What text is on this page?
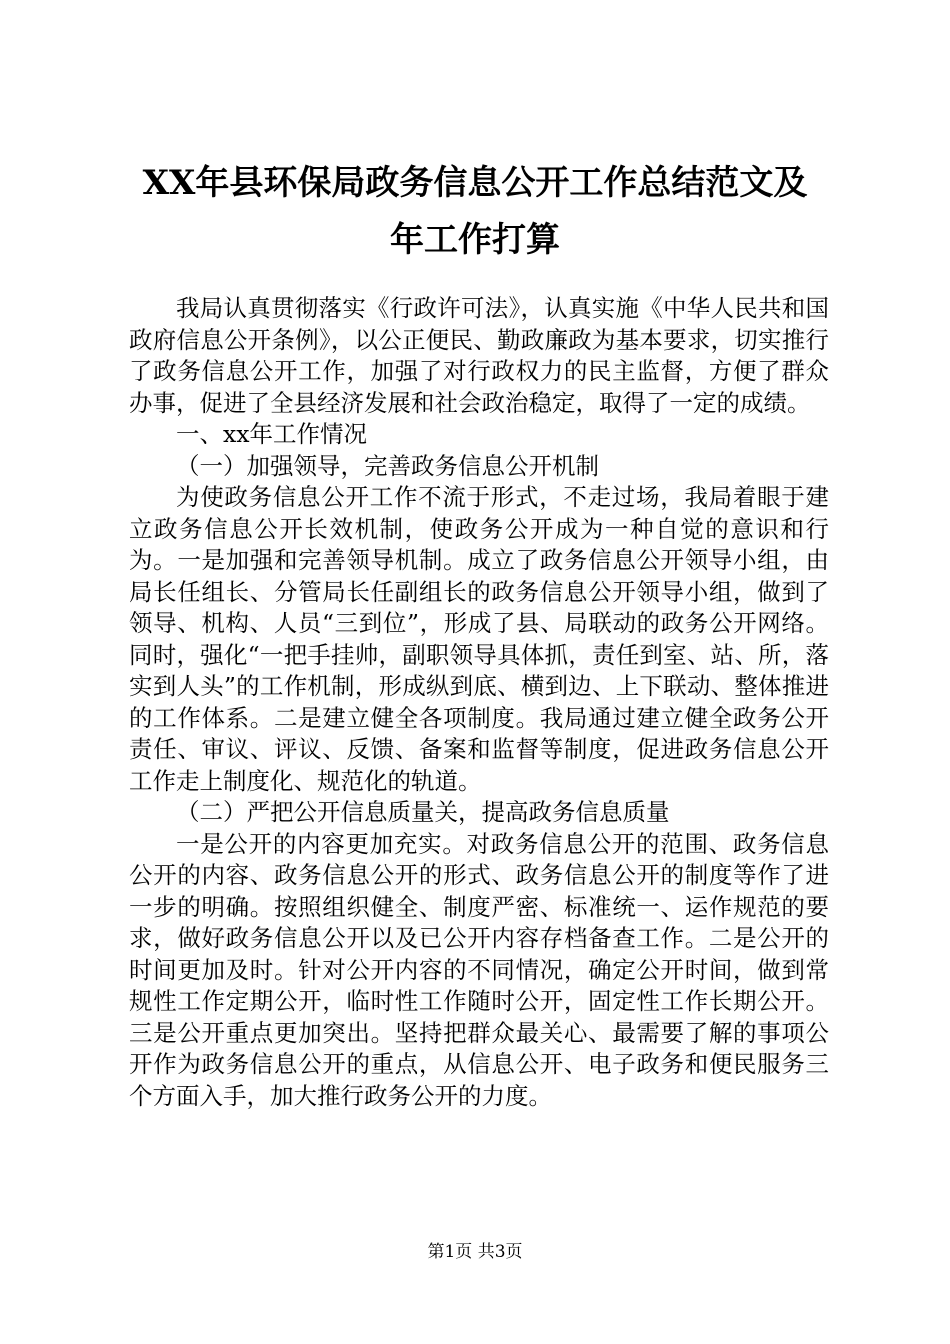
XX年县环保局政务信息公开工作总结范文及
年工作打算

我局认真贯彻落实《行政许可法》，认真实施《中华人民共和国政府信息公开条例》，以公正便民、勤政廉政为基本要求，切实推行了政务信息公开工作，加强了对行政权力的民主监督，方便了群众办事，促进了全县经济发展和社会政治稳定，取得了一定的成绩。

一、xx年工作情况

（一）加强领导，完善政务信息公开机制

为使政务信息公开工作不流于形式，不走过场，我局着眼于建立政务信息公开长效机制，使政务公开成为一种自觉的意识和行为。一是加强和完善领导机制。成立了政务信息公开领导小组，由局长任组长、分管局长任副组长的政务信息公开领导小组，做到了领导、机构、人员“三到位”，形成了县、局联动的政务公开网络。同时，强化“一把手挂帅，副职领导具体抓，责任到室、站、所，落实到人头”的工作机制，形成纵到底、横到边、上下联动、整体推进的工作体系。二是建立健全各项制度。我局通过建立健全政务公开责任、审议、评议、反馈、备案和监督等制度，促进政务信息公开工作走上制度化、规范化的轨道。

（二）严把公开信息质量关，提高政务信息质量

一是公开的内容更加充实。对政务信息公开的范围、政务信息公开的内容、政务信息公开的形式、政务信息公开的制度等作了进一步的明确。按照组织健全、制度严密、标准统一、运作规范的要求，做好政务信息公开以及已公开内容存档备查工作。二是公开的时间更加及时。针对公开内容的不同情况，确定公开时间，做到常规性工作定期公开，临时性工作随时公开，固定性工作长期公开。三是公开重点更加突出。坚持把群众最关心、最需要了解的事项公开作为政务信息公开的重点，从信息公开、电子政务和便民服务三个方面入手，加大推行政务公开的力度。

第1页 共3页
